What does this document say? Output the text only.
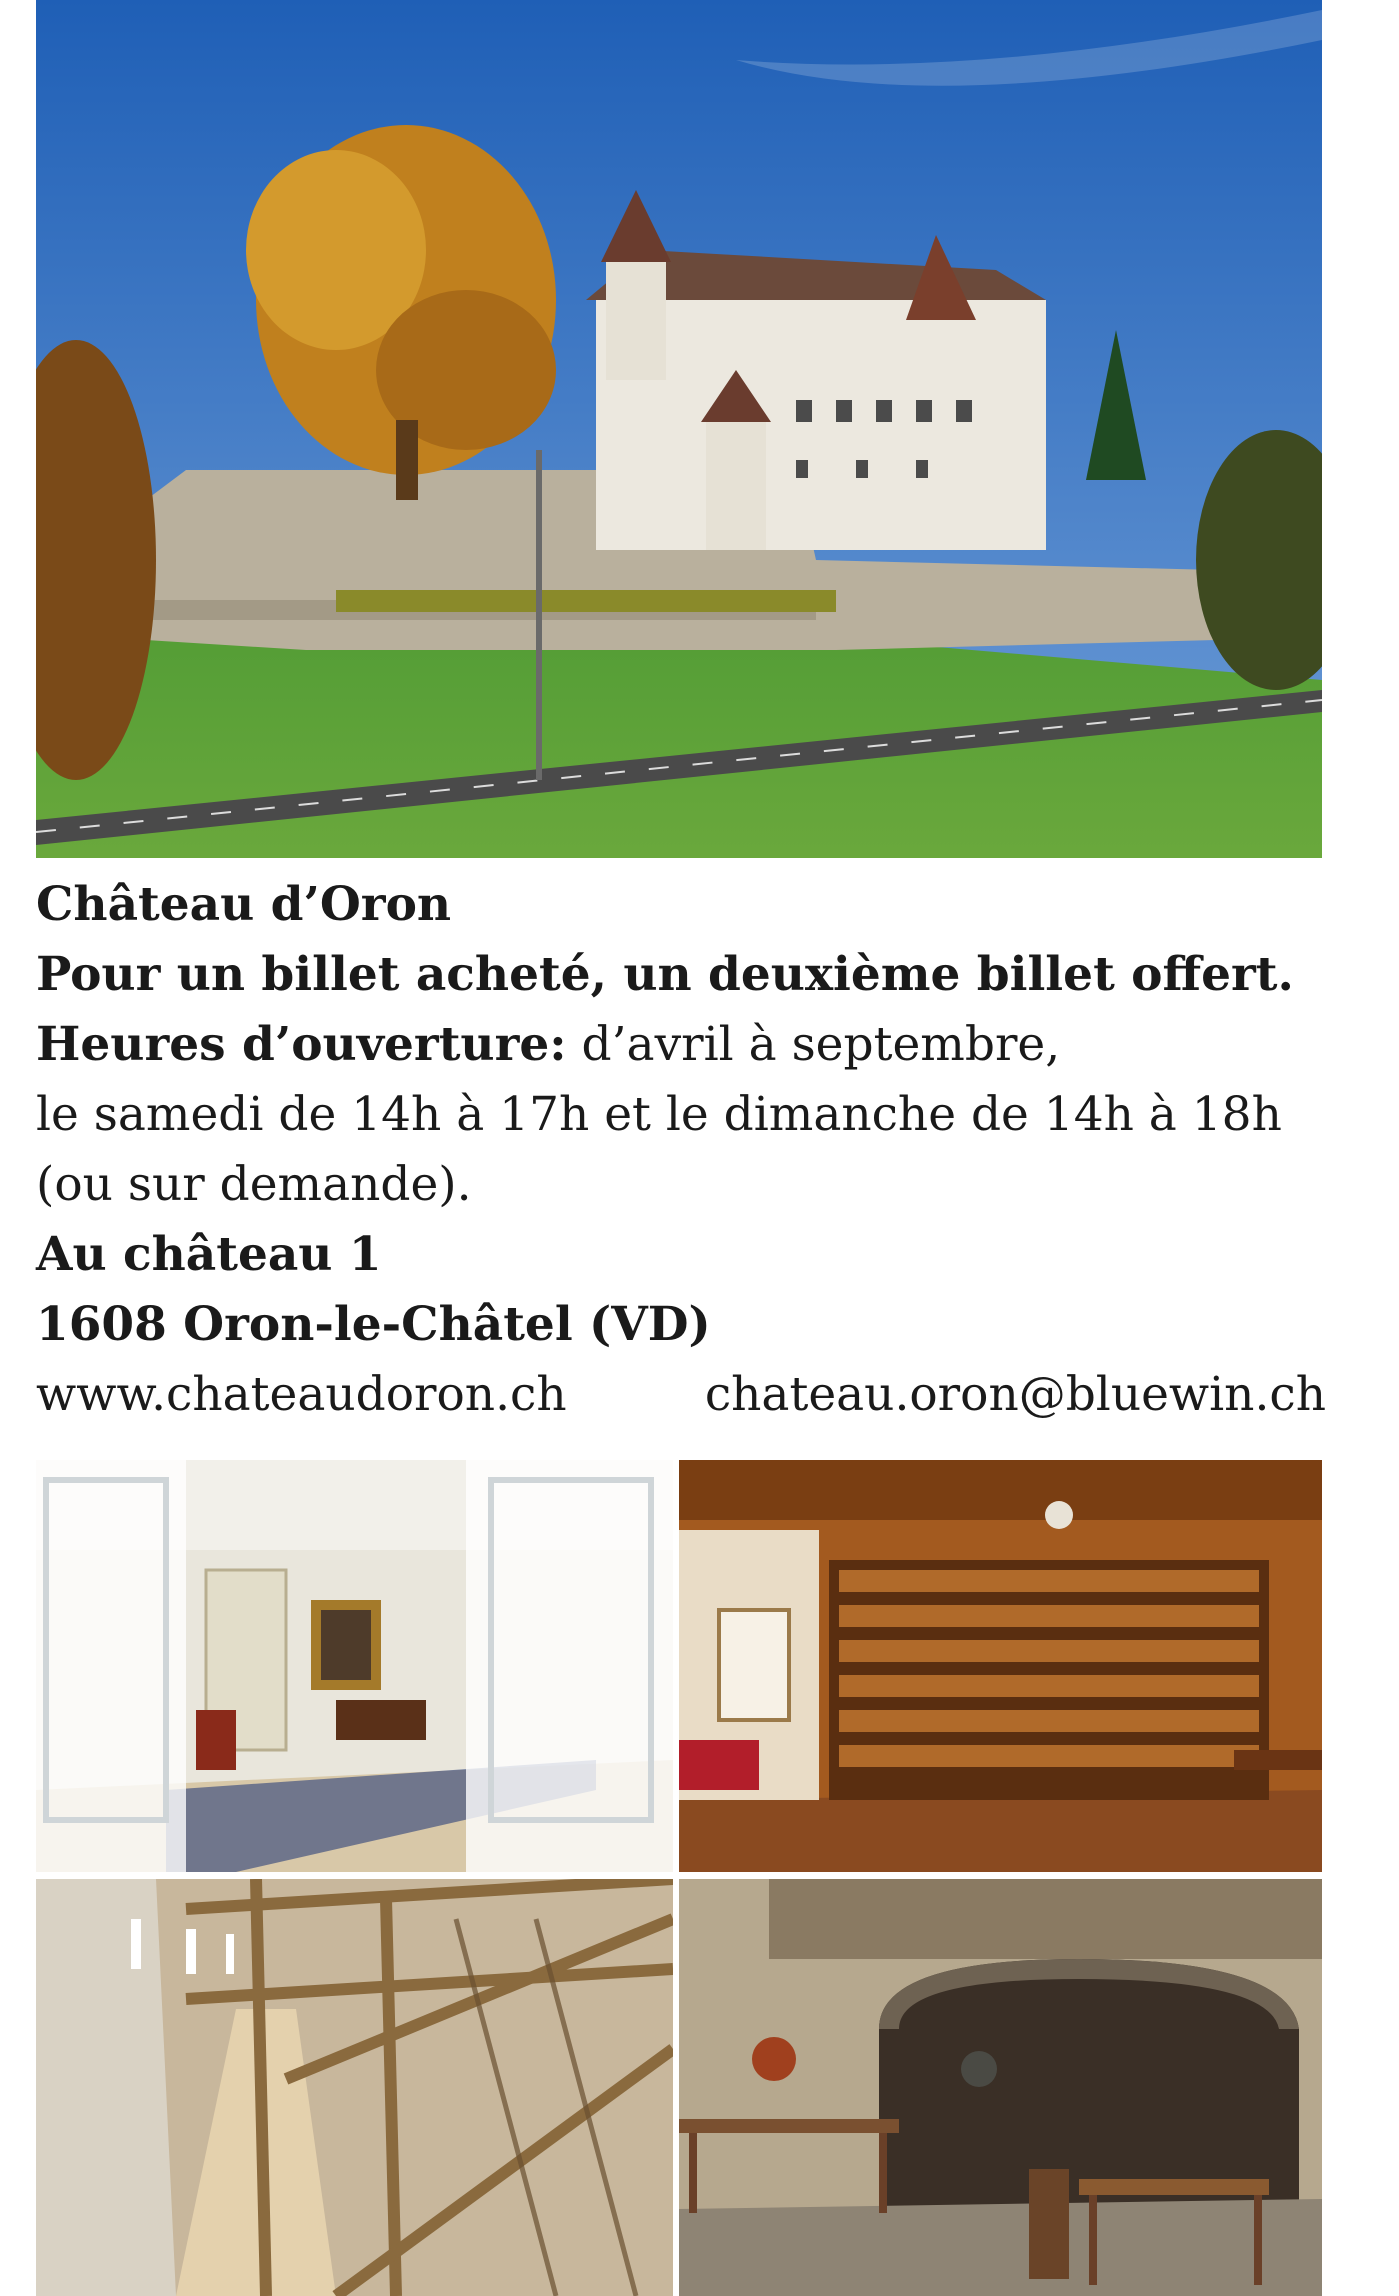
Château d’Oron
Pour un billet acheté, un deuxième billet offert.
Heures d’ouverture: d’avril à septembre,
le samedi de 14h à 17h et le dimanche de 14h à 18h
(ou sur demande).
Au château 1
1608 Oron-le-Châtel (VD)
www.chateaudoron.ch	chateau.oron@bluewin.ch
